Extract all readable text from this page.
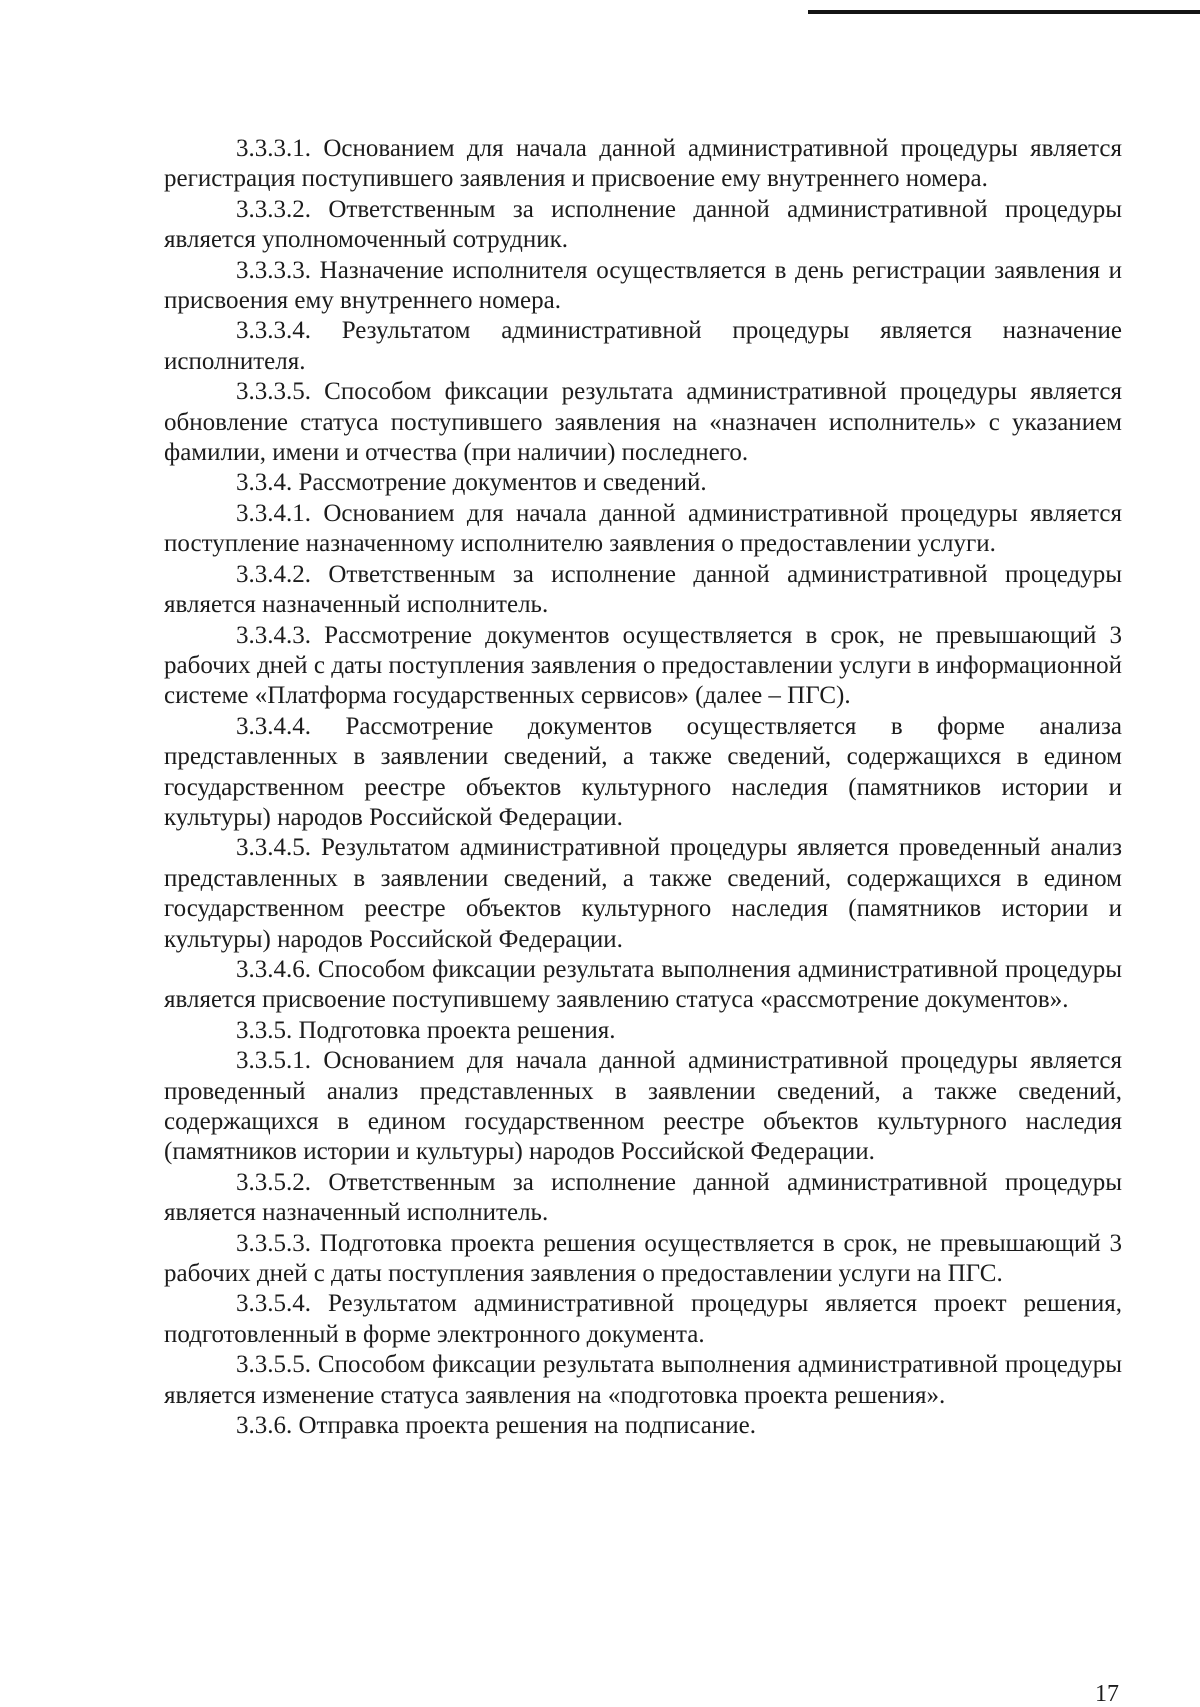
3.3.3.1. Основанием для начала данной административной процедуры является регистрация поступившего заявления и присвоение ему внутреннего номера.

3.3.3.2. Ответственным за исполнение данной административной процедуры является уполномоченный сотрудник.

3.3.3.3. Назначение исполнителя осуществляется в день регистрации заявления и присвоения ему внутреннего номера.

3.3.3.4. Результатом административной процедуры является назначение исполнителя.

3.3.3.5. Способом фиксации результата административной процедуры является обновление статуса поступившего заявления на «назначен исполнитель» с указанием фамилии, имени и отчества (при наличии) последнего.

3.3.4. Рассмотрение документов и сведений.

3.3.4.1. Основанием для начала данной административной процедуры является поступление назначенному исполнителю заявления о предоставлении услуги.

3.3.4.2. Ответственным за исполнение данной административной процедуры является назначенный исполнитель.

3.3.4.3. Рассмотрение документов осуществляется в срок, не превышающий 3 рабочих дней с даты поступления заявления о предоставлении услуги в информационной системе «Платформа государственных сервисов» (далее – ПГС).

3.3.4.4. Рассмотрение документов осуществляется в форме анализа представленных в заявлении сведений, а также сведений, содержащихся в едином государственном реестре объектов культурного наследия (памятников истории и культуры) народов Российской Федерации.

3.3.4.5. Результатом административной процедуры является проведенный анализ представленных в заявлении сведений, а также сведений, содержащихся в едином государственном реестре объектов культурного наследия (памятников истории и культуры) народов Российской Федерации.

3.3.4.6. Способом фиксации результата выполнения административной процедуры является присвоение поступившему заявлению статуса «рассмотрение документов».

3.3.5. Подготовка проекта решения.

3.3.5.1. Основанием для начала данной административной процедуры является проведенный анализ представленных в заявлении сведений, а также сведений, содержащихся в едином государственном реестре объектов культурного наследия (памятников истории и культуры) народов Российской Федерации.

3.3.5.2. Ответственным за исполнение данной административной процедуры является назначенный исполнитель.

3.3.5.3. Подготовка проекта решения осуществляется в срок, не превышающий 3 рабочих дней с даты поступления заявления о предоставлении услуги на ПГС.

3.3.5.4. Результатом административной процедуры является проект решения, подготовленный в форме электронного документа.

3.3.5.5. Способом фиксации результата выполнения административной процедуры является изменение статуса заявления на «подготовка проекта решения».

3.3.6. Отправка проекта решения на подписание.

17
